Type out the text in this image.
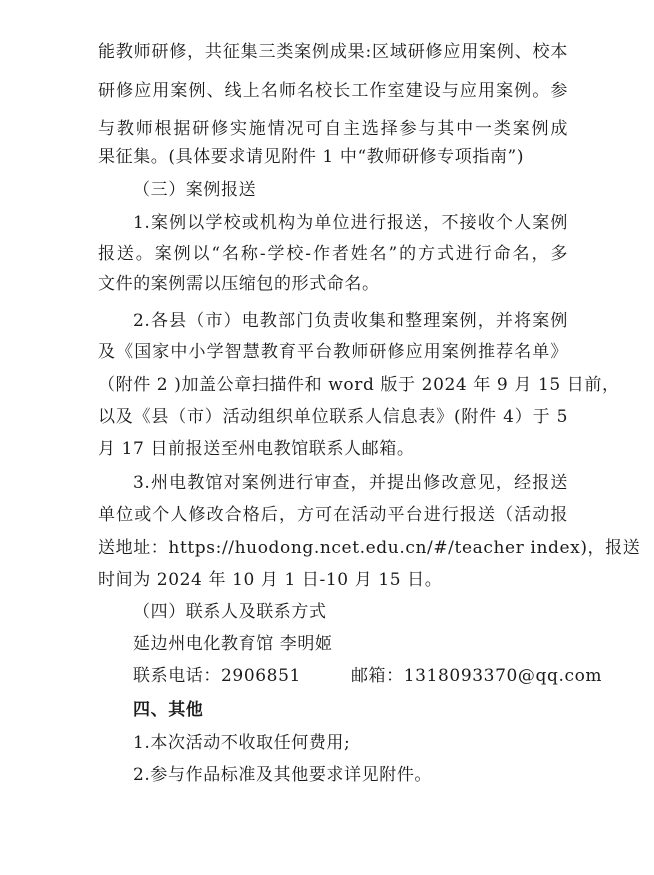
能教师研修，共征集三类案例成果:区域研修应用案例、校本
研修应用案例、线上名师名校长工作室建设与应用案例。参
与教师根据研修实施情况可自主选择参与其中一类案例成
果征集。(具体要求请见附件 1 中“教师研修专项指南”)
（三）案例报送
1.案例以学校或机构为单位进行报送，不接收个人案例
报送。案例以“名称-学校-作者姓名”的方式进行命名，多
文件的案例需以压缩包的形式命名。
2.各县（市）电教部门负责收集和整理案例，并将案例
及《国家中小学智慧教育平台教师研修应用案例推荐名单》
（附件 2 )加盖公章扫描件和 word 版于 2024 年 9 月 15 日前，
以及《县（市）活动组织单位联系人信息表》(附件 4）于 5
月 17 日前报送至州电教馆联系人邮箱。
3.州电教馆对案例进行审查，并提出修改意见，经报送
单位或个人修改合格后，方可在活动平台进行报送（活动报
送地址：https://huodong.ncet.edu.cn/#/teacher index)，报送
时间为 2024 年 10 月 1 日-10 月 15 日。
（四）联系人及联系方式
延边州电化教育馆 李明姬
联系电话：2906851	邮箱：1318093370@qq.com
四、其他
1.本次活动不收取任何费用;
2.参与作品标准及其他要求详见附件。
